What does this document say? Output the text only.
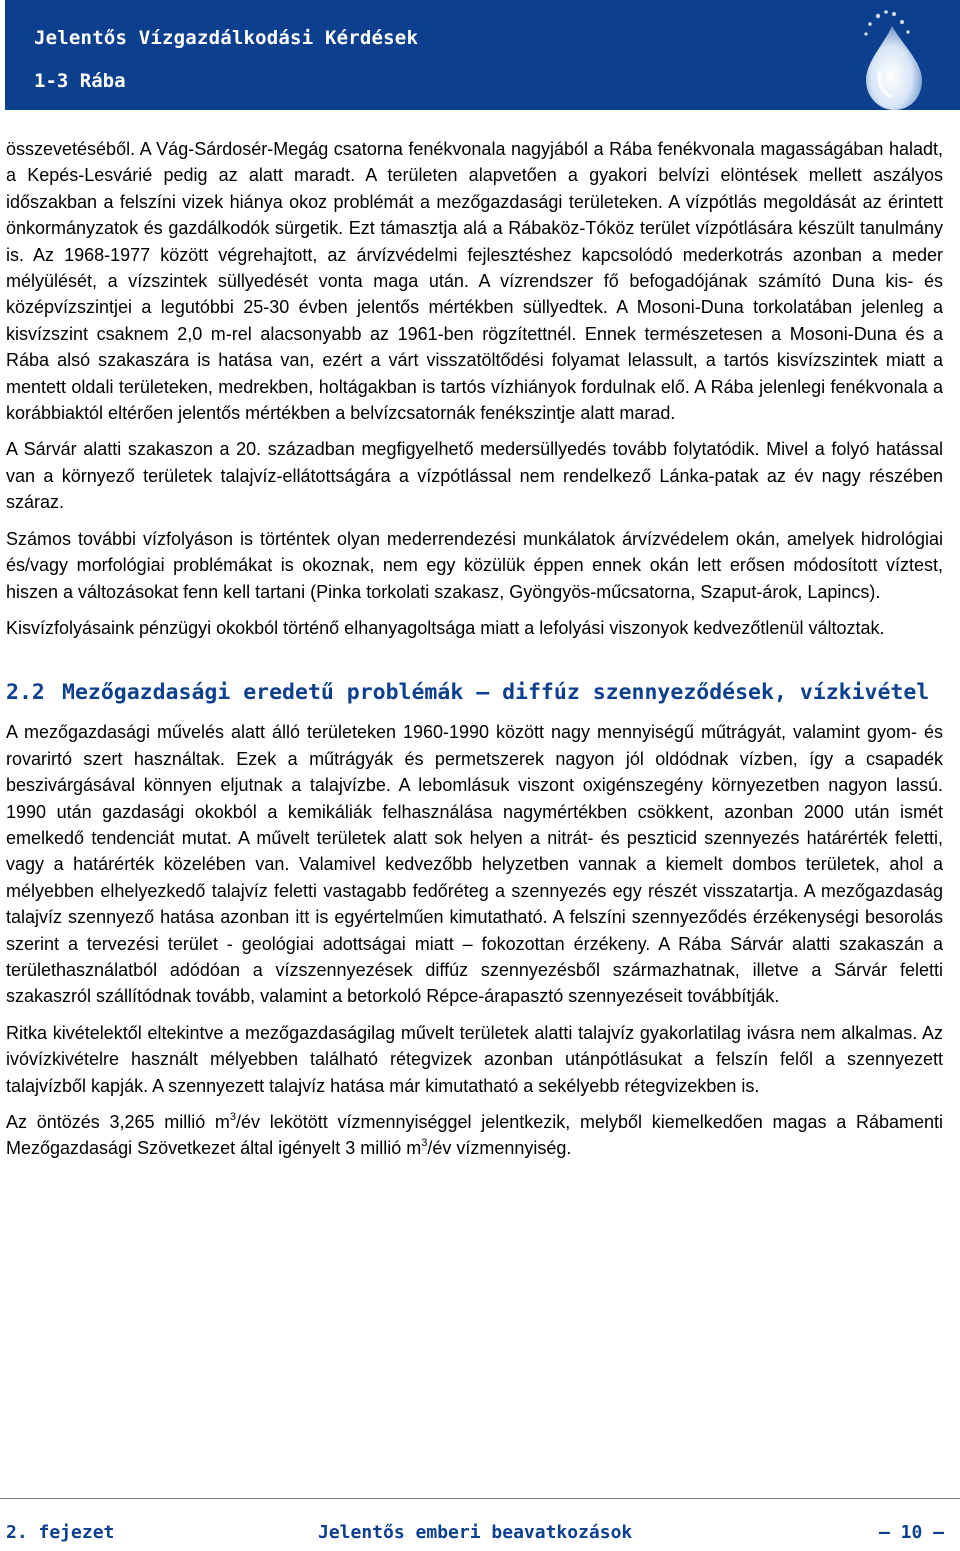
Jelentős Vízgazdálkodási Kérdések
1-3 Rába

összevetéséből. A Vág-Sárdosér-Megág csatorna fenékvonala nagyjából a Rába fenékvonala magasságában haladt, a Kepés-Lesvárié pedig az alatt maradt. A területen alapvetően a gyakori belvízi elöntések mellett aszályos időszakban a felszíni vizek hiánya okoz problémát a mezőgazdasági területeken. A vízpótlás megoldását az érintett önkormányzatok és gazdálkodók sürgetik. Ezt támasztja alá a Rábaköz-Tóköz terület vízpótlására készült tanulmány is. Az 1968-1977 között végrehajtott, az árvízvédelmi fejlesztéshez kapcsolódó mederkotrás azonban a meder mélyülését, a vízszintek süllyedését vonta maga után. A vízrendszer fő befogadójának számító Duna kis- és középvízszintjei a legutóbbi 25-30 évben jelentős mértékben süllyedtek. A Mosoni-Duna torkolatában jelenleg a kisvízszint csaknem 2,0 m-rel alacsonyabb az 1961-ben rögzítettnél. Ennek természetesen a Mosoni-Duna és a Rába alsó szakaszára is hatása van, ezért a várt visszatöltődési folyamat lelassult, a tartós kisvízszintek miatt a mentett oldali területeken, medrekben, holtágakban is tartós vízhiányok fordulnak elő. A Rába jelenlegi fenékvonala a korábbiaktól eltérően jelentős mértékben a belvízcsatornák fenékszintje alatt marad.

A Sárvár alatti szakaszon a 20. században megfigyelhető medersüllyedés tovább folytatódik. Mivel a folyó hatással van a környező területek talajvíz-ellátottságára a vízpótlással nem rendelkező Lánka-patak az év nagy részében száraz.

Számos további vízfolyáson is történtek olyan mederrendezési munkálatok árvízvédelem okán, amelyek hidrológiai és/vagy morfológiai problémákat is okoznak, nem egy közülük éppen ennek okán lett erősen módosított víztest, hiszen a változásokat fenn kell tartani (Pinka torkolati szakasz, Gyöngyös-műcsatorna, Szaput-árok, Lapincs).

Kisvízfolyásaink pénzügyi okokból történő elhanyagoltsága miatt a lefolyási viszonyok kedvezőtlenül változtak.

2.2 Mezőgazdasági eredetű problémák – diffúz szennyeződések, vízkivétel

A mezőgazdasági művelés alatt álló területeken 1960-1990 között nagy mennyiségű műtrágyát, valamint gyom- és rovarirtó szert használtak. Ezek a műtrágyák és permetszerek nagyon jól oldódnak vízben, így a csapadék beszivárgásával könnyen eljutnak a talajvízbe. A lebomlásuk viszont oxigénszegény környezetben nagyon lassú. 1990 után gazdasági okokból a kemikáliák felhasználása nagymértékben csökkent, azonban 2000 után ismét emelkedő tendenciát mutat. A művelt területek alatt sok helyen a nitrát- és peszticid szennyezés határérték feletti, vagy a határérték közelében van. Valamivel kedvezőbb helyzetben vannak a kiemelt dombos területek, ahol a mélyebben elhelyezkedő talajvíz feletti vastagabb fedőréteg a szennyezés egy részét visszatartja. A mezőgazdaság talajvíz szennyező hatása azonban itt is egyértelműen kimutatható. A felszíni szennyeződés érzékenységi besorolás szerint a tervezési terület - geológiai adottságai miatt – fokozottan érzékeny. A Rába Sárvár alatti szakaszán a területhasználatból adódóan a vízszennyezések diffúz szennyezésből származhatnak, illetve a Sárvár feletti szakaszról szállítódnak tovább, valamint a betorkoló Répce-árapasztó szennyezéseit továbbítják.

Ritka kivételektől eltekintve a mezőgazdaságilag művelt területek alatti talajvíz gyakorlatilag ivásra nem alkalmas. Az ivóvízkivételre használt mélyebben található rétegvizek azonban utánpótlásukat a felszín felől a szennyezett talajvízből kapják. A szennyezett talajvíz hatása már kimutatható a sekélyebb rétegvizekben is.

Az öntözés 3,265 millió $m^3/év$ lekötött vízmennyiséggel jelentkezik, melyből kiemelkedően magas a Rábamenti Mezőgazdasági Szövetkezet által igényelt 3 millió $m^3/év$ vízmennyiség.

2. fejezet	Jelentős emberi beavatkozások	— 10 —
